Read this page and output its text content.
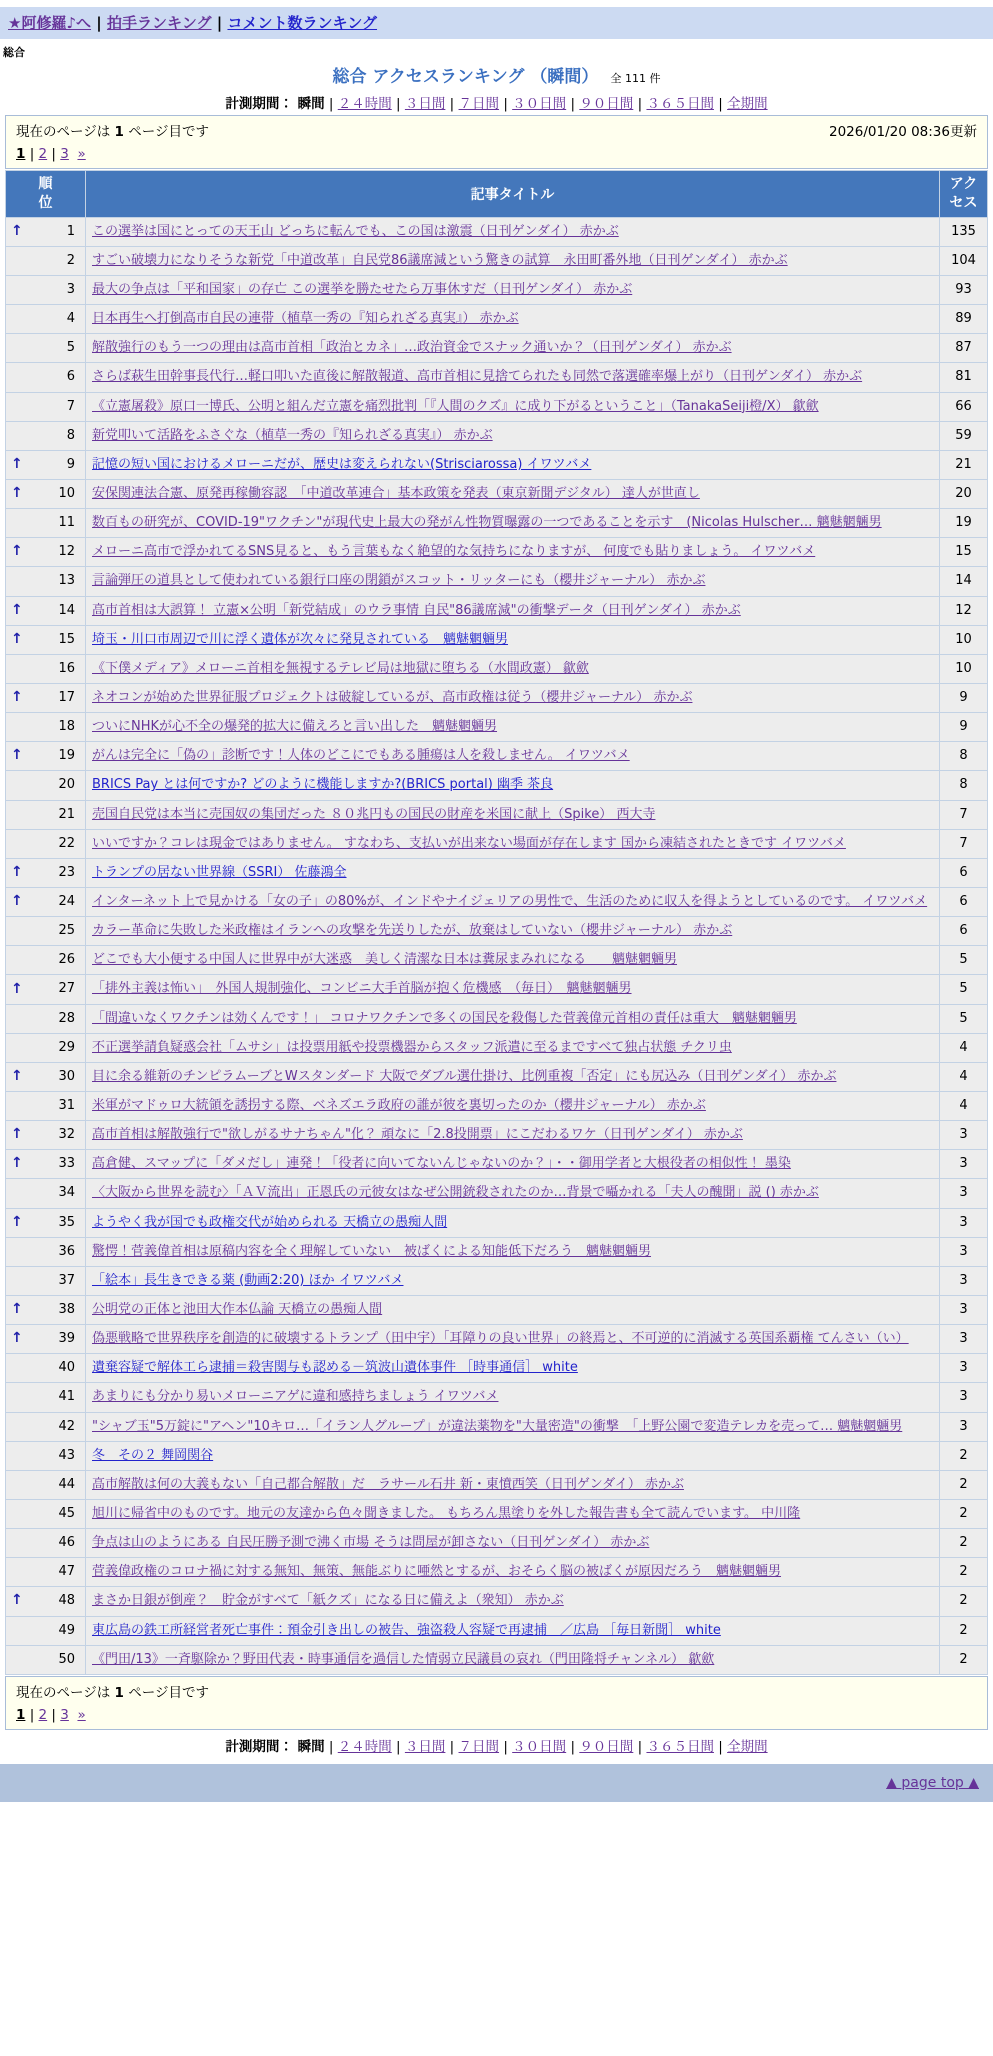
★阿修羅♪へ | 拍手ランキング | コメント数ランキング
総合
総合 アクセスランキング （瞬間） 全 111 件
計測期間： 瞬間 | ２４時間 | ３日間 | ７日間 | ３０日間 | ９０日間 | ３６５日間 | 全期間
現在のページは 1 ページ目です	2026/01/20 08:36更新
1 | 2 | 3 »
順位	記事タイトル	アクセス

↑ 1	この選挙は国にとっての天王山 どっちに転んでも、この国は激震（日刊ゲンダイ） 赤かぶ	135

2	すごい破壊力になりそうな新党「中道改革」自民党86議席減という驚きの試算　永田町番外地（日刊ゲンダイ） 赤かぶ	104

3	最大の争点は「平和国家」の存亡 この選挙を勝たせたら万事休すだ（日刊ゲンダイ） 赤かぶ	93

4	日本再生へ打倒高市自民の連帯（植草一秀の『知られざる真実』） 赤かぶ	89

5	解散強行のもう一つの理由は高市首相「政治とカネ」…政治資金でスナック通いか？（日刊ゲンダイ） 赤かぶ	87

6	さらば萩生田幹事長代行…軽口叩いた直後に解散報道、高市首相に見捨てられたも同然で落選確率爆上がり（日刊ゲンダイ） 赤かぶ	81

7	《立憲屠殺》原口一博氏、公明と組んだ立憲を痛烈批判「『人間のクズ』に成り下がるということ」（TanakaSeiji橙/X） 歙歛	66

8	新党叩いて活路をふさぐな（植草一秀の『知られざる真実』） 赤かぶ	59

↑ 9	記憶の短い国におけるメローニだが、歴史は変えられない(Strisciarossa) イワツバメ	21

↑ 10	安保関連法合憲、原発再稼働容認　「中道改革連合」基本政策を発表（東京新聞デジタル） 達人が世直し	20

11	数百もの研究が、COVID-19"ワクチン"が現代史上最大の発がん性物質曝露の一つであることを示す　(Nicolas Hulscher… 魑魅魍魎男	19

↑ 12	メローニ高市で浮かれてるSNS見ると、もう言葉もなく絶望的な気持ちになりますが、 何度でも貼りましょう。 イワツバメ	15

13	言論弾圧の道具として使われている銀行口座の閉鎖がスコット・リッターにも（櫻井ジャーナル） 赤かぶ	14

↑ 14	高市首相は大誤算！ 立憲×公明「新党結成」のウラ事情 自民"86議席減"の衝撃データ（日刊ゲンダイ） 赤かぶ	12

↑ 15	埼玉・川口市周辺で川に浮く遺体が次々に発見されている　魑魅魍魎男	10

16	《下僕メディア》メローニ首相を無視するテレビ局は地獄に堕ちる（水間政憲） 歙歛	10

↑ 17	ネオコンが始めた世界征服プロジェクトは破綻しているが、高市政権は従う（櫻井ジャーナル） 赤かぶ	9

18	ついにNHKが心不全の爆発的拡大に備えろと言い出した　魑魅魍魎男	9

↑ 19	がんは完全に「偽の」診断です！人体のどこにでもある腫瘍は人を殺しません。 イワツバメ	8

20	BRICS Pay とは何ですか? どのように機能しますか?(BRICS portal) 幽季 茶良	8

21	売国自民党は本当に売国奴の集団だった ８０兆円もの国民の財産を米国に献上（Spike） 西大寺	7

22	いいですか？コレは現金ではありません。 すなわち、支払いが出来ない場面が存在します 国から凍結されたときです イワツバメ	7

↑ 23	トランプの居ない世界線（SSRI） 佐藤鴻全	6

↑ 24	インターネット上で見かける「女の子」の80%が、インドやナイジェリアの男性で、生活のために収入を得ようとしているのです。 イワツバメ	6

25	カラー革命に失敗した米政権はイランへの攻撃を先送りしたが、放棄はしていない（櫻井ジャーナル） 赤かぶ	6

26	どこでも大小便する中国人に世界中が大迷惑　美しく清潔な日本は糞尿まみれになる　　魑魅魍魎男	5

↑ 27	「排外主義は怖い」　外国人規制強化、コンビニ大手首脳が抱く危機感　（毎日）　魑魅魍魎男	5

28	「間違いなくワクチンは効くんです！」 コロナワクチンで多くの国民を殺傷した菅義偉元首相の責任は重大　魑魅魍魎男	5

29	不正選挙請負疑惑会社「ムサシ」は投票用紙や投票機器からスタッフ派遣に至るまですべて独占状態 チクリ虫	4

↑ 30	目に余る維新のチンピラムーブとWスタンダード 大阪でダブル選仕掛け、比例重複「否定」にも尻込み（日刊ゲンダイ） 赤かぶ	4

31	米軍がマドゥロ大統領を誘拐する際、ベネズエラ政府の誰が彼を裏切ったのか（櫻井ジャーナル） 赤かぶ	4

↑ 32	高市首相は解散強行で"欲しがるサナちゃん"化？ 頑なに「2.8投開票」にこだわるワケ（日刊ゲンダイ） 赤かぶ	3

↑ 33	高倉健、スマップに「ダメだし」連発！「役者に向いてないんじゃないのか？」・・御用学者と大根役者の相似性！ 墨染	3

34	〈大阪から世界を読む〉「ＡＶ流出」正恩氏の元彼女はなぜ公開銃殺されたのか…背景で囁かれる「夫人の醜聞」説 () 赤かぶ	3

↑ 35	ようやく我が国でも政権交代が始められる 天橋立の愚痴人間	3

36	驚愕！菅義偉首相は原稿内容を全く理解していない　被ばくによる知能低下だろう　魑魅魍魎男	3

37	「絵本」長生きできる薬 (動画2:20) ほか イワツバメ	3

↑ 38	公明党の正体と池田大作本仏論 天橋立の愚痴人間	3

↑ 39	偽悪戦略で世界秩序を創造的に破壊するトランプ（田中宇）「耳障りの良い世界」の終焉と、不可逆的に消滅する英国系覇権 てんさい（い）	3

40	遺棄容疑で解体工ら逮捕＝殺害関与も認める－筑波山遺体事件 ［時事通信］ white	3

41	あまりにも分かり易いメローニアゲに違和感持ちましょう イワツバメ	3

42	"シャブ玉"5万錠に"アヘン"10キロ…「イラン人グループ」が違法薬物を"大量密造"の衝撃　「上野公園で変造テレカを売って… 魑魅魍魎男	3

43	冬　その２ 舞岡関谷	2

44	高市解散は何の大義もない「自己都合解散」だ　ラサール石井 新・東憤西笑（日刊ゲンダイ） 赤かぶ	2

45	旭川に帰省中のものです。地元の友達から色々聞きました。 もちろん黒塗りを外した報告書も全て読んでいます。 中川隆	2

46	争点は山のようにある 自民圧勝予測で沸く市場 そうは問屋が卸さない（日刊ゲンダイ） 赤かぶ	2

47	菅義偉政権のコロナ禍に対する無知、無策、無能ぶりに唖然とするが、おそらく脳の被ばくが原因だろう　魑魅魍魎男	2

↑ 48	まさか日銀が倒産？　貯金がすべて「紙クズ」になる日に備えよ（衆知） 赤かぶ	2

49	東広島の鉄工所経営者死亡事件：預金引き出しの被告、強盗殺人容疑で再逮捕　／広島 ［毎日新聞］ white	2

50	《門田/13》一斉駆除か？野田代表・時事通信を過信した情弱立民議員の哀れ（門田隆将チャンネル） 歙歛	2
現在のページは 1 ページ目です
1 | 2 | 3 »
計測期間： 瞬間 | ２４時間 | ３日間 | ７日間 | ３０日間 | ９０日間 | ３６５日間 | 全期間
▲ page top ▲
